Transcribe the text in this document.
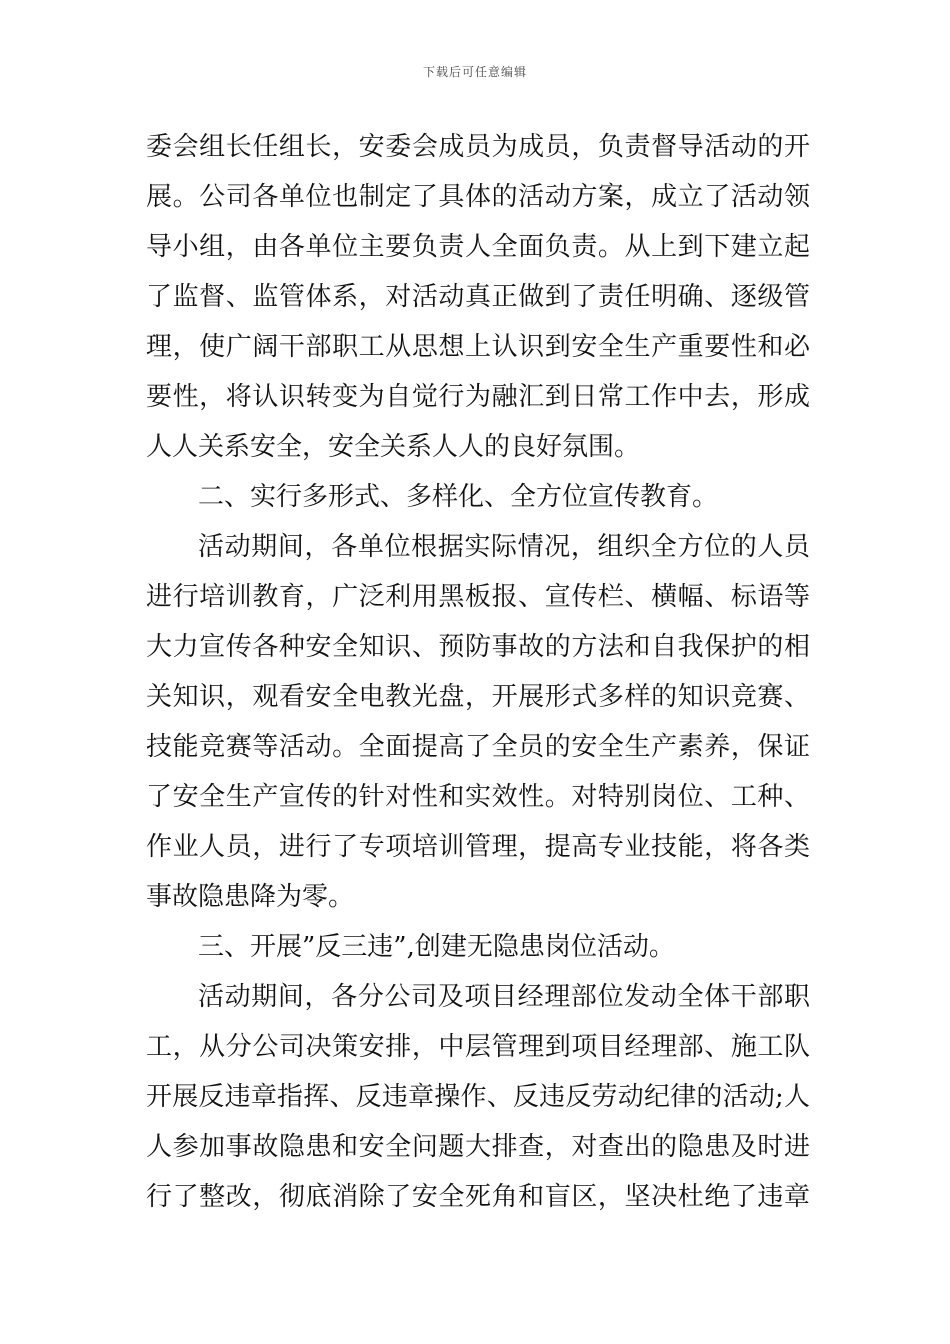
下载后可任意编辑
委会组长任组长，安委会成员为成员，负责督导活动的开
展。公司各单位也制定了具体的活动方案，成立了活动领
导小组，由各单位主要负责人全面负责。从上到下建立起
了监督、监管体系，对活动真正做到了责任明确、逐级管
理，使广阔干部职工从思想上认识到安全生产重要性和必
要性，将认识转变为自觉行为融汇到日常工作中去，形成
人人关系安全，安全关系人人的良好氛围。
二、实行多形式、多样化、全方位宣传教育。
活动期间，各单位根据实际情况，组织全方位的人员
进行培训教育，广泛利用黑板报、宣传栏、横幅、标语等
大力宣传各种安全知识、预防事故的方法和自我保护的相
关知识，观看安全电教光盘，开展形式多样的知识竞赛、
技能竞赛等活动。全面提高了全员的安全生产素养，保证
了安全生产宣传的针对性和实效性。对特别岗位、工种、
作业人员，进行了专项培训管理，提高专业技能，将各类
事故隐患降为零。
三、开展”反三违”,创建无隐患岗位活动。
活动期间，各分公司及项目经理部位发动全体干部职
工，从分公司决策安排，中层管理到项目经理部、施工队
开展反违章指挥、反违章操作、反违反劳动纪律的活动;人
人参加事故隐患和安全问题大排查，对查出的隐患及时进
行了整改，彻底消除了安全死角和盲区，坚决杜绝了违章
